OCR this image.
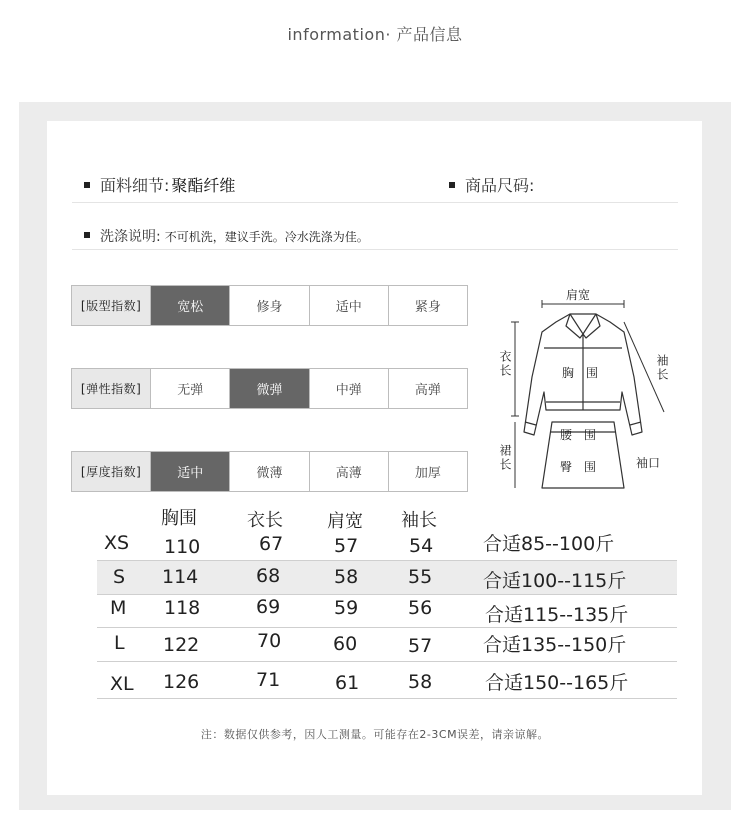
information· 产品信息
面料细节: 聚酯纤维	商品尺码:
洗涤说明: 不可机洗，建议手洗。冷水洗涤为佳。
[版型指数]	宽松	修身	适中	紧身
[弹性指数]	无弹	微弹	中弹	高弹
[厚度指数]	适中	微薄	高薄	加厚
肩宽
衣长	袖长
胸　围
腰　围
臀　围
裙长	袖口
胸围	衣长 肩宽 袖长
XS 110	67	57	54	合适85--100斤
S 114	68	58	55	合适100--115斤
M 118	69	59	56	合适115--135斤
L 122	70	60	57	合适135--150斤
XL 126	71	61	58	合适150--165斤
注：数据仅供参考，因人工测量。可能存在2-3CM误差，请亲谅解。
